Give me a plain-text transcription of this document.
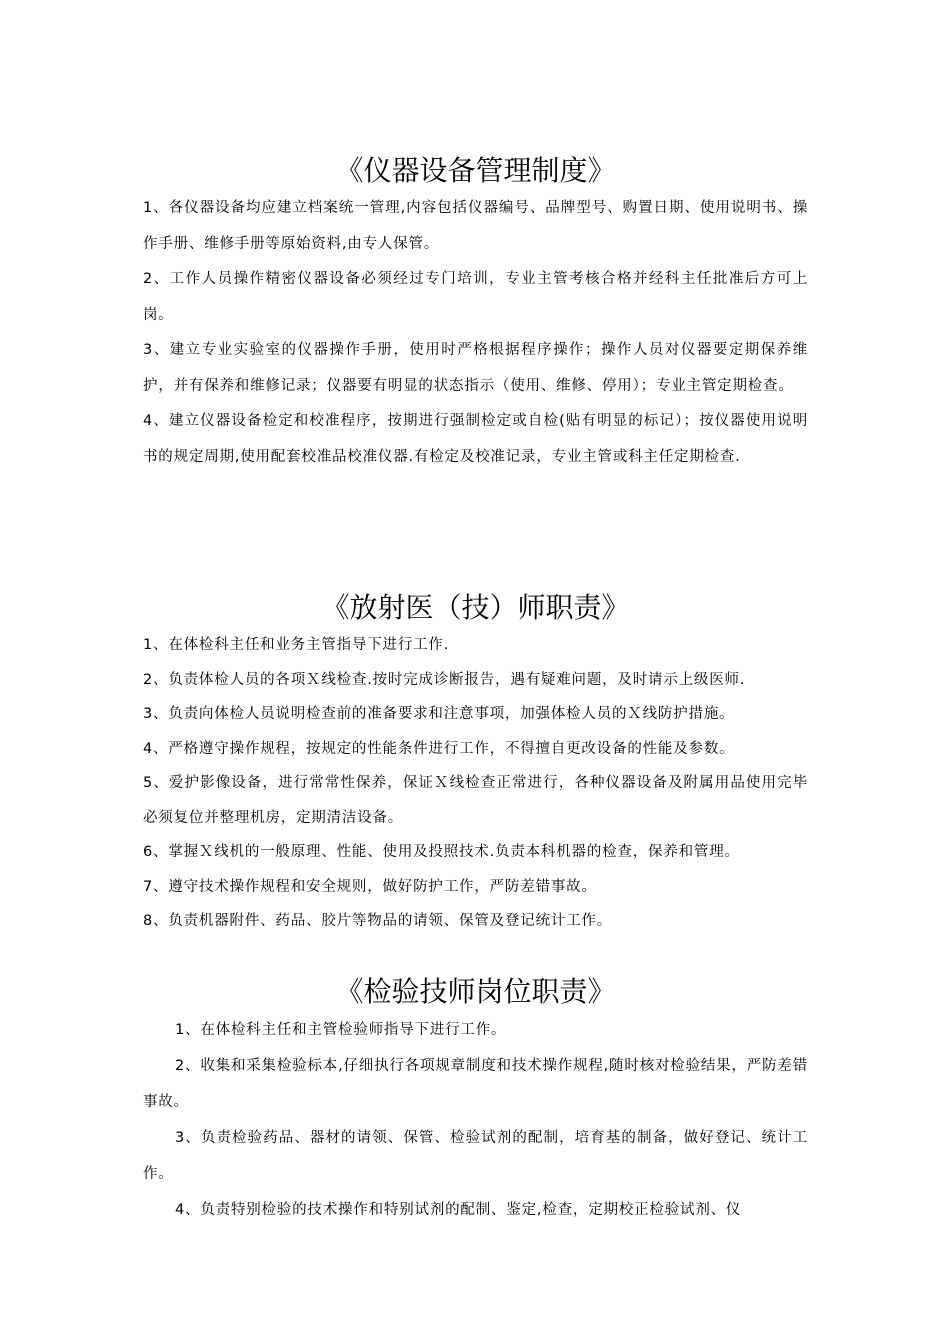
《仪器设备管理制度》

1、各仪器设备均应建立档案统一管理,内容包括仪器编号、品牌型号、购置日期、使用说明书、操作手册、维修手册等原始资料,由专人保管。

2、工作人员操作精密仪器设备必须经过专门培训，专业主管考核合格并经科主任批准后方可上岗。

3、建立专业实验室的仪器操作手册，使用时严格根据程序操作；操作人员对仪器要定期保养维护，并有保养和维修记录；仪器要有明显的状态指示（使用、维修、停用）；专业主管定期检查。

4、建立仪器设备检定和校准程序，按期进行强制检定或自检(贴有明显的标记）；按仪器使用说明书的规定周期,使用配套校准品校准仪器.有检定及校准记录，专业主管或科主任定期检查.

《放射医（技）师职责》

1、在体检科主任和业务主管指导下进行工作.

2、负责体检人员的各项Ｘ线检查.按时完成诊断报告，遇有疑难问题，及时请示上级医师.

3、负责向体检人员说明检查前的准备要求和注意事项，加强体检人员的Ｘ线防护措施。

4、严格遵守操作规程，按规定的性能条件进行工作，不得擅自更改设备的性能及参数。

5、爱护影像设备，进行常常性保养，保证Ｘ线检查正常进行，各种仪器设备及附属用品使用完毕必须复位并整理机房，定期清洁设备。

6、掌握Ｘ线机的一般原理、性能、使用及投照技术.负责本科机器的检查，保养和管理。

7、遵守技术操作规程和安全规则，做好防护工作，严防差错事故。

8、负责机器附件、药品、胶片等物品的请领、保管及登记统计工作。

《检验技师岗位职责》

1、在体检科主任和主管检验师指导下进行工作。

2、收集和采集检验标本,仔细执行各项规章制度和技术操作规程,随时核对检验结果，严防差错事故。

3、负责检验药品、器材的请领、保管、检验试剂的配制，培育基的制备，做好登记、统计工作。

4、负责特别检验的技术操作和特别试剂的配制、鉴定,检查，定期校正检验试剂、仪
